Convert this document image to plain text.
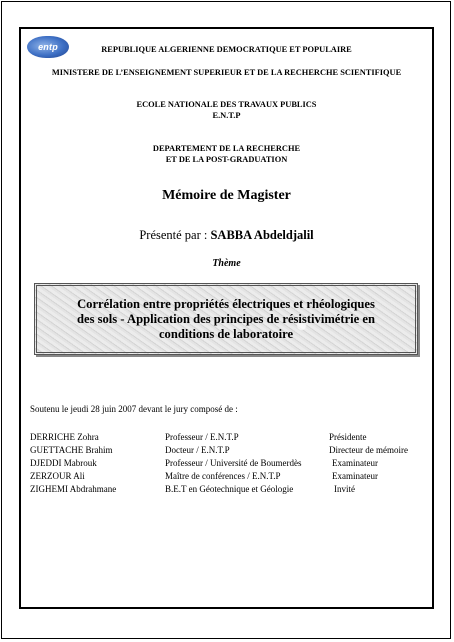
entp	REPUBLIQUE ALGERIENNE DEMOCRATIQUE ET POPULAIRE
MINISTERE DE L’ENSEIGNEMENT SUPERIEUR ET DE LA RECHERCHE SCIENTIFIQUE
ECOLE NATIONALE DES TRAVAUX PUBLICS
E.N.T.P
DEPARTEMENT DE LA RECHERCHE
ET DE LA POST-GRADUATION
Mémoire de Magister
Présenté par : SABBA Abdeldjalil
Thème
Corrélation entre propriétés électriques et rhéologiques
des sols - Application des principes de résistivimétrie en
conditions de laboratoire
Soutenu le jeudi 28 juin 2007 devant le jury composé de :
DERRICHE Zohra	Professeur / E.N.T.P	Présidente
GUETTACHE Brahim	Docteur / E.N.T.P	Directeur de mémoire
DJEDDI Mabrouk	Professeur / Université de Boumerdès	Examinateur
ZERZOUR Ali	Maître de conférences / E.N.T.P	Examinateur
ZIGHEMI Abdrahmane	B.E.T en Géotechnique et Géologie	Invité
